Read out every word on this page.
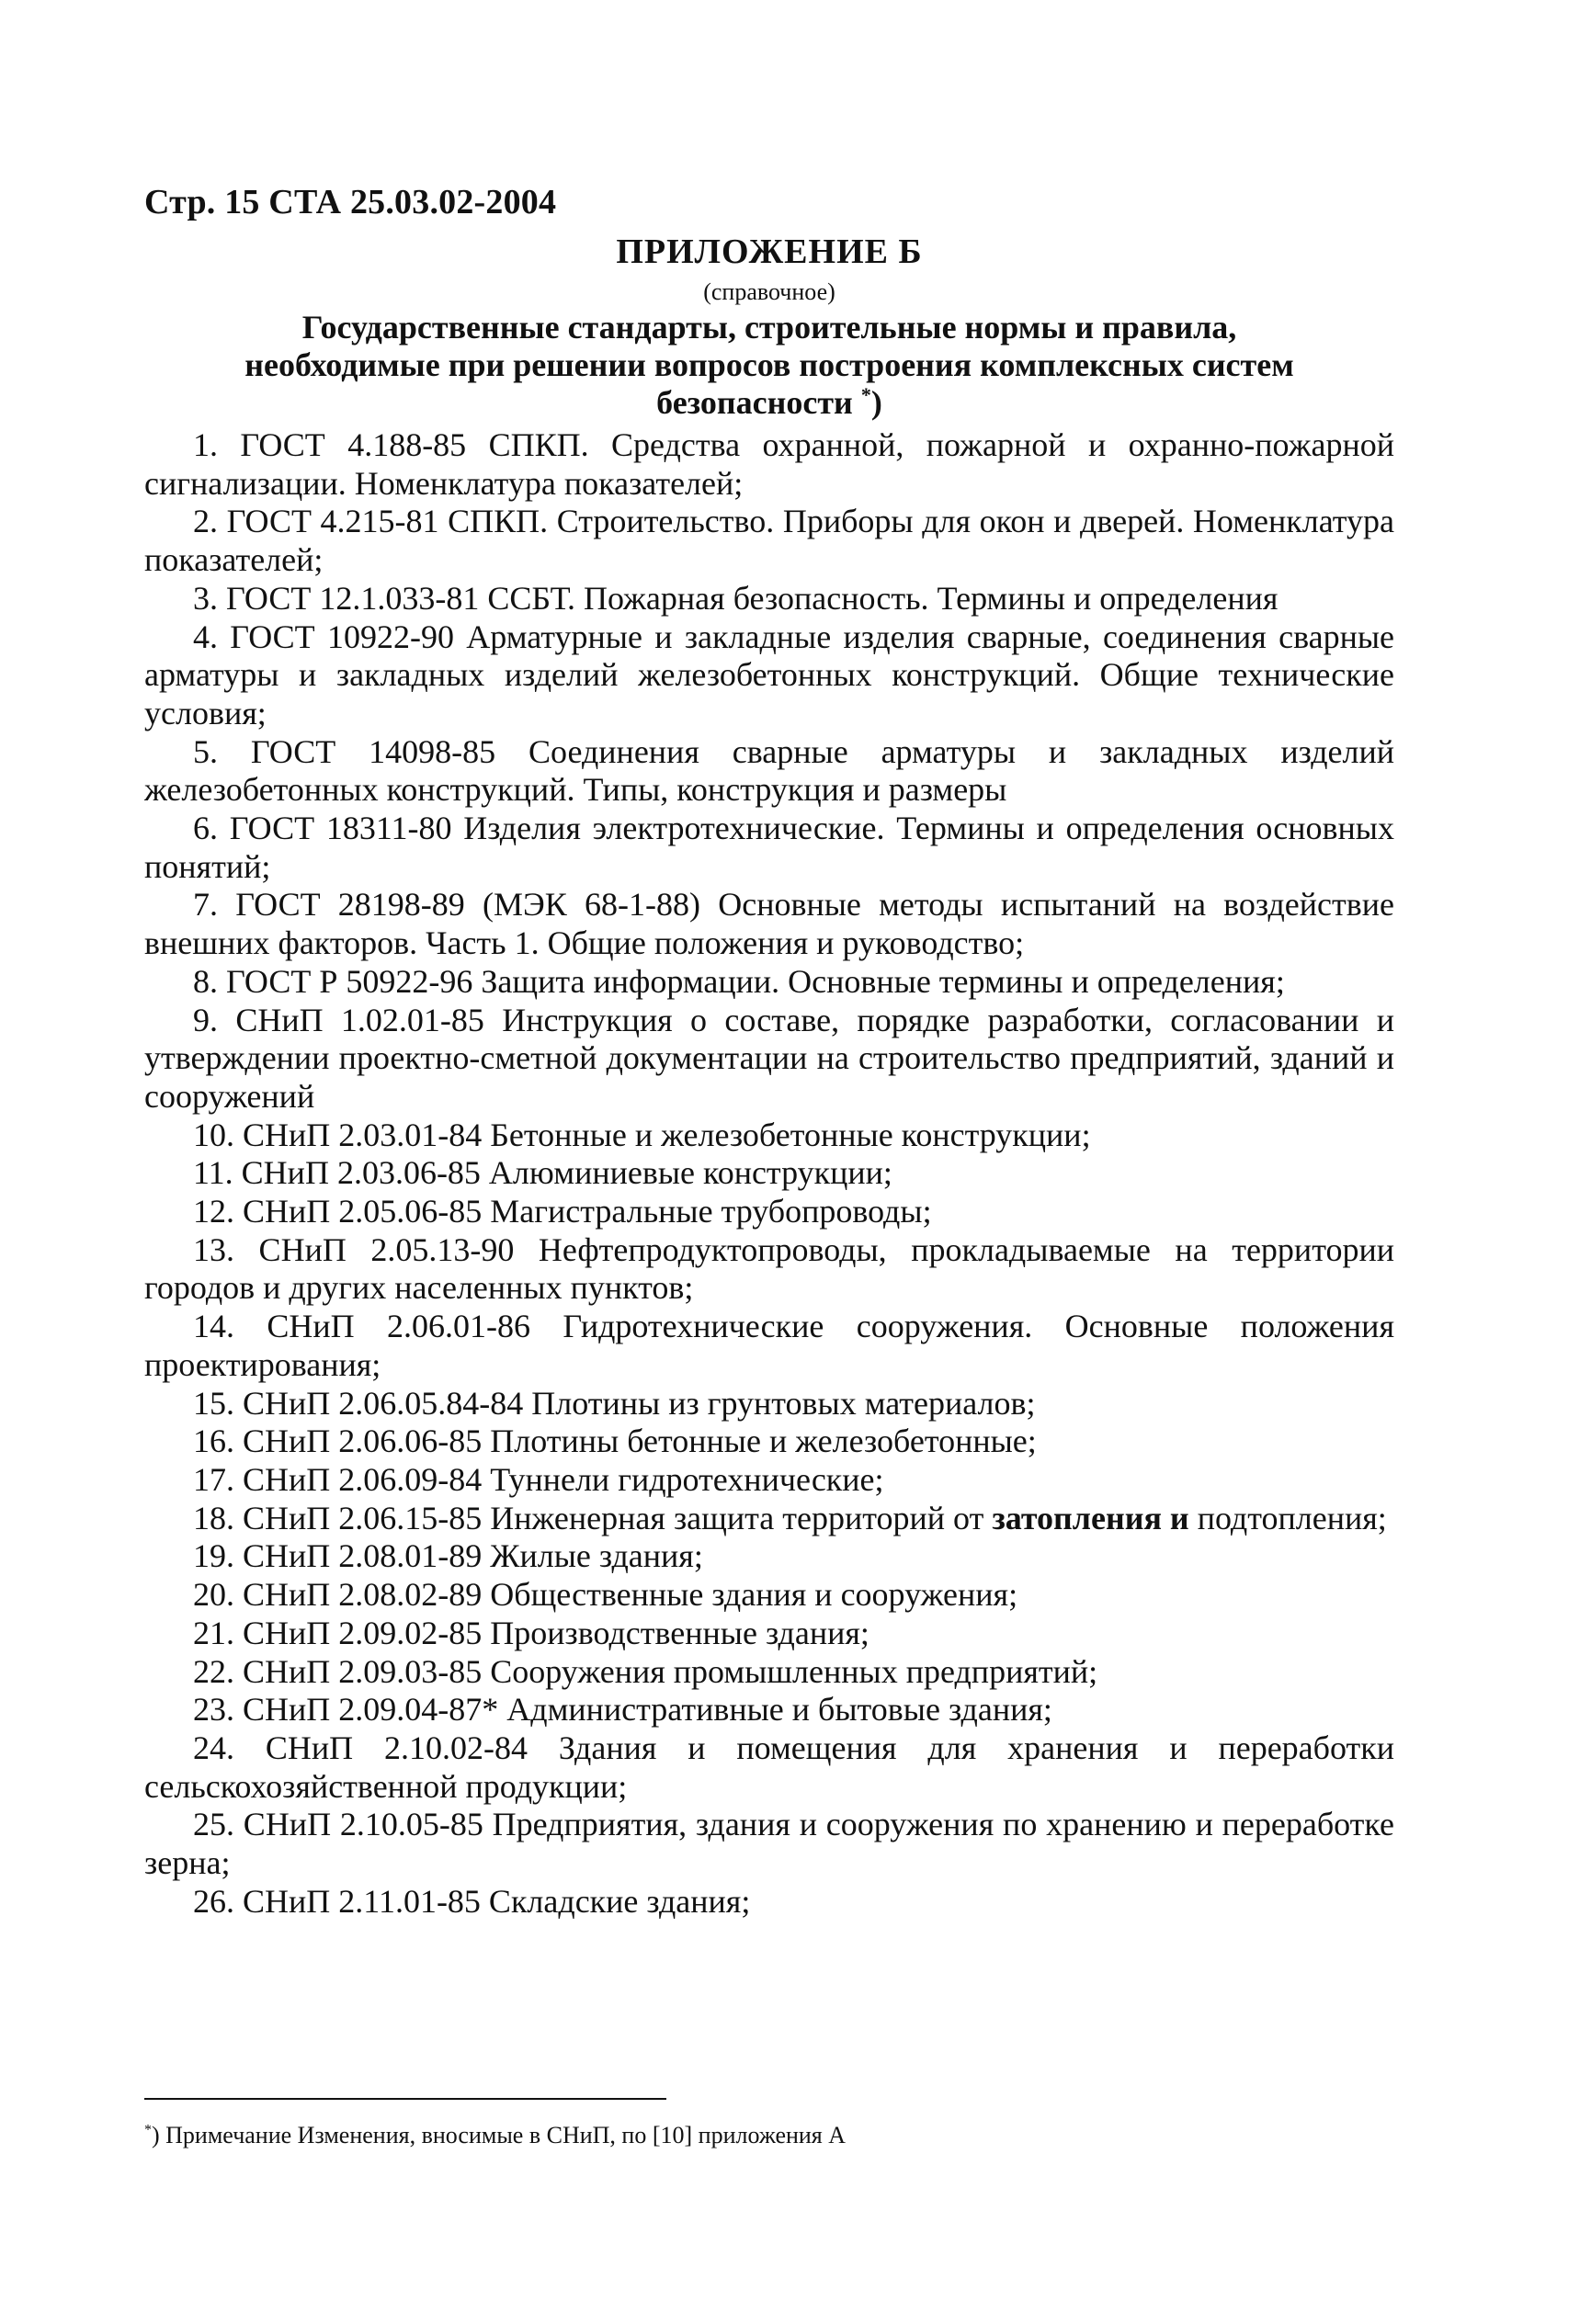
Стр. 15 СТА 25.03.02-2004
ПРИЛОЖЕНИЕ Б
(справочное)
Государственные стандарты, строительные нормы и правила,
необходимые при решении вопросов построения комплексных систем
безопасности *)
1. ГОСТ 4.188-85 СПКП. Средства охранной, пожарной и охранно-пожарной сигнализации. Номенклатура показателей;
2. ГОСТ 4.215-81 СПКП. Строительство. Приборы для окон и дверей. Номенклатура показателей;
3. ГОСТ 12.1.033-81 ССБТ. Пожарная безопасность. Термины и определения
4. ГОСТ 10922-90 Арматурные и закладные изделия сварные, соединения сварные арматуры и закладных изделий железобетонных конструкций. Общие технические условия;
5. ГОСТ 14098-85 Соединения сварные арматуры и закладных изделий железобетонных конструкций. Типы, конструкция и размеры
6. ГОСТ 18311-80 Изделия электротехнические. Термины и определения основных понятий;
7. ГОСТ 28198-89 (МЭК 68-1-88) Основные методы испытаний на воздействие внешних факторов. Часть 1. Общие положения и руководство;
8. ГОСТ Р 50922-96 Защита информации. Основные термины и определения;
9. СНиП 1.02.01-85 Инструкция о составе, порядке разработки, согласовании и утверждении проектно-сметной документации на строительство предприятий, зданий и сооружений
10. СНиП 2.03.01-84 Бетонные и железобетонные конструкции;
11. СНиП 2.03.06-85 Алюминиевые конструкции;
12. СНиП 2.05.06-85 Магистральные трубопроводы;
13. СНиП 2.05.13-90 Нефтепродуктопроводы, прокладываемые на территории городов и других населенных пунктов;
14. СНиП 2.06.01-86 Гидротехнические сооружения. Основные положения проектирования;
15. СНиП 2.06.05.84-84 Плотины из грунтовых материалов;
16. СНиП 2.06.06-85 Плотины бетонные и железобетонные;
17. СНиП 2.06.09-84 Туннели гидротехнические;
18. СНиП 2.06.15-85 Инженерная защита территорий от затопления и подтопления;
19. СНиП 2.08.01-89 Жилые здания;
20. СНиП 2.08.02-89 Общественные здания и сооружения;
21. СНиП 2.09.02-85 Производственные здания;
22. СНиП 2.09.03-85 Сооружения промышленных предприятий;
23. СНиП 2.09.04-87* Административные и бытовые здания;
24. СНиП 2.10.02-84 Здания и помещения для хранения и переработки сельскохозяйственной продукции;
25. СНиП 2.10.05-85 Предприятия, здания и сооружения по хранению и переработке зерна;
26. СНиП 2.11.01-85 Складские здания;
*) Примечание Изменения, вносимые в СНиП, по [10] приложения А
